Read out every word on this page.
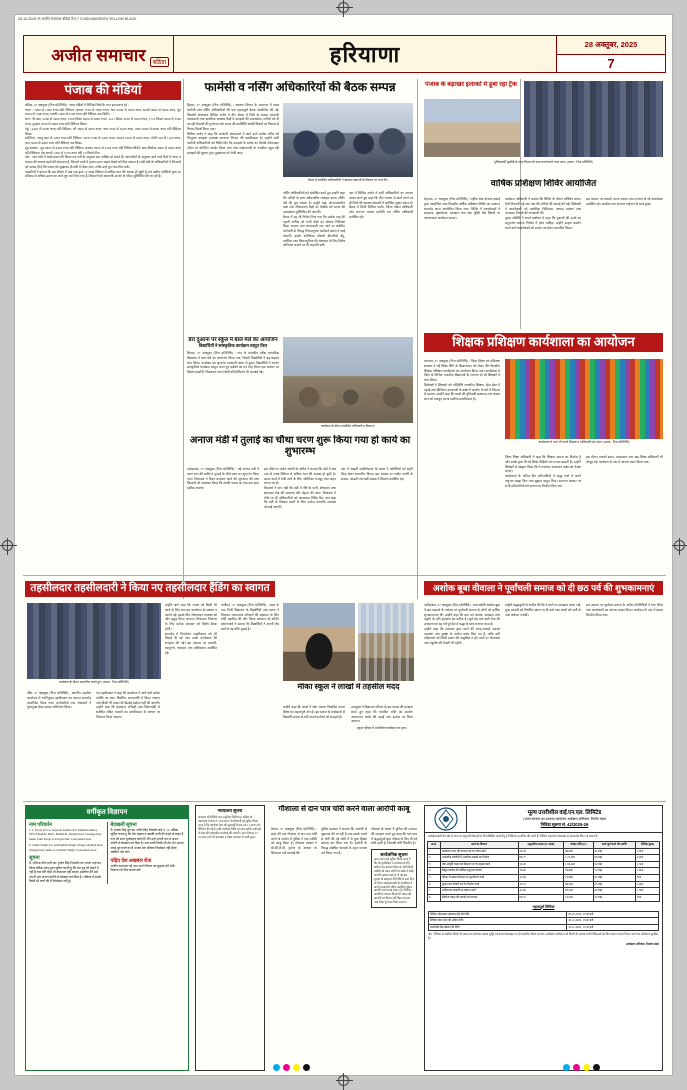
28-10-2025 ॐ अजीत समाचार बठिंडा पेज 7 CYAN MAGENTA YELLOW BLACK
अजीत समाचार	बठिंडा	हरियाणा	28 अक्तूबर, 2025
7
पंजाब की मंडियां
बठिंडा, 27 अक्तूबर (निज प्रतिनिधि) : आज मंडियों में विभिन्न जिंसों के भाव इस प्रकार रहे :
नरमा : 7000 से 7400 रुपए प्रति क्विंटल, कपास 7100 से 7600 रुपए, ग्वार 4500 से 5000 रुपए, सरसों 5800 से 6300 रुपए, मूंग 6500 से 7200 रुपए, मक्की 1900 से 2100 रुपए प्रति क्विंटल तक बिकी।
धान : पी.आर. 2200 से 2400 रुपए, 1509 किस्म 2600 से 2900 रुपए, 1121 किस्म 3100 से 3500 रुपए, 1718 किस्म 3000 से 3300 रुपए, मुच्छल 2500 से 2800 रुपए प्रति क्विंटल बिका।
गेहूं : 2425 से 2600 रुपए प्रति क्विंटल, जौ 1800 से 2000 रुपए, चना 5500 से 6100 रुपए, मसर 6200 से 6800 रुपए प्रति क्विंटल बिका।
सब्जियां : आलू 800 से 1200 रुपए प्रति क्विंटल, प्याज 1500 से 2200 रुपए, टमाटर 1000 से 1800 रुपए, गोभी 700 से 1100 रुपए, मटर 3000 से 4000 रुपए प्रति क्विंटल तक बिका।
गुड़-शक्कर : गुड़ 3800 से 4200 रुपए प्रति क्विंटल, शक्कर 3900 से 4100 रुपए प्रति क्विंटल बिकी। खल-बिनौला 2600 से 2900 रुपए प्रति क्विंटल। तेल सरसों 1450 से 1550 रुपए प्रति 15 किलो टीन।
नोट : भाव मंडी में आई फसल की किस्म एवं नमी के अनुसार कम अधिक हो सकते हैं। व्यापारियों के अनुसार आने वाले दिनों में नरमा व कपास की आवक बढ़ने की संभावना है, जिससे भावों में हल्का उतार-चढ़ाव देखने को मिल सकता है। मंडी बोर्ड के अधिकारियों ने किसानों को सलाह दी है कि फसल को सुखाकर ही मंडी में लेकर आएं, ताकि उन्हें पूरा भाव मिल सके।
आढ़तियों ने बताया कि इस सीजन में अब तक कुल 12 लाख क्विंटल से अधिक धान की आवक हो चुकी है तथा खरीद एजेंसियों द्वारा 95 प्रतिशत से अधिक उठान का कार्य पूरा कर लिया गया है। किसानों को अदायगी 48 घंटे के भीतर सुनिश्चित की जा रही है।
फार्मेसी व नर्सिंग अधिकारियों की बैठक सम्पन्न
बैठक में उपस्थित अधिकारियों ने स्वास्थ्य सेवाओं के विस्तार पर चर्चा की।
हिसार, 27 अक्तूबर (निज प्रतिनिधि) : स्वास्थ्य विभाग के सभागार में आज फार्मेसी तथा नर्सिंग अधिकारियों की एक महत्वपूर्ण बैठक आयोजित की गई, जिसकी अध्यक्षता सिविल सर्जन ने की। बैठक में जिले के समस्त सरकारी अस्पतालों तथा प्राथमिक स्वास्थ्य केंद्रों में दवाइयों की उपलब्धता, मरीजों को दी जा रही सेवाओं की गुणवत्ता तथा स्टाफ की उपस्थिति संबंधी विषयों पर विस्तार से विचार-विमर्श किया गया।
सिविल सर्जन ने कहा कि सरकारी अस्पतालों में आने वाले प्रत्येक मरीज को निःशुल्क दवाइयां उपलब्ध करवाना विभाग की प्राथमिकता है। उन्होंने सभी फार्मेसी अधिकारियों को निर्देश दिए कि दवाइयों के स्टॉक का रिकॉर्ड ऑनलाइन पोर्टल पर प्रतिदिन अपडेट किया जाए तथा एक्सपायरी के नजदीक पहुंच रही दवाइयों की सूचना तुरंत मुख्यालय को भेजी जाए।
नर्सिंग अधिकारियों को संबोधित करते हुए उन्होंने कहा कि मरीजों के साथ संवेदनशील व्यवहार करना नर्सिंग पेशे की मूल भावना है। प्रसूति वार्ड, आपातकालीन कक्ष तथा टीकाकरण केंद्रों पर चौबीस घंटे स्टाफ की उपलब्धता सुनिश्चित की जाएगी।
बैठक में यह भी निर्णय लिया गया कि प्रत्येक माह की पहली तारीख को सभी केंद्रों का औचक निरीक्षण किया जाएगा तथा लापरवाही पाए जाने पर संबंधित कर्मचारी के विरुद्ध नियमानुसार कार्रवाई अमल में लाई जाएगी। इसके अतिरिक्त मौसमी बीमारियों डेंगू, मलेरिया तथा चिकनगुनिया की रोकथाम के लिए विशेष अभियान चलाने पर भी सहमति बनी।
अंत में सिविल सर्जन ने सभी अधिकारियों का आभार व्यक्त करते हुए कहा कि टीम भावना से कार्य करने पर ही जिले की स्वास्थ्य सेवाओं में अपेक्षित सुधार संभव है। बैठक में डिप्टी सिविल सर्जन, जिला नोडल अधिकारी तथा लगभग पचास फार्मेसी एवं नर्सिंग अधिकारी उपस्थित रहे।
पंजाब के बड़ाखर इलाकों में डूबा रहा ट्रैक
पुलिसकर्मी मुस्तैदी से जांच विभाग के साथ कार्य करते नजर आए। (छाया : निज प्रतिनिधि)
वार्षिक प्रशिक्षण शिविर आयोजित
रोहतक, 27 अक्तूबर (निज प्रतिनिधि) : राष्ट्रीय सेवा योजना इकाई द्वारा आयोजित सात दिवसीय वार्षिक प्रशिक्षण शिविर का समापन समारोह आज आयोजित किया गया। शिविर में स्वयंसेवकों ने स्वच्छता, वृक्षारोपण, रक्तदान तथा नशा मुक्ति जैसे विषयों पर जागरूकता कार्यक्रम चलाए।
कार्यक्रम अधिकारी ने बताया कि शिविर के दौरान प्रतिदिन प्रभात फेरी निकाली गई तथा गांव की गलियों की सफाई की गई। विशेषज्ञों ने स्वयंसेवकों को प्राथमिक चिकित्सा, आपदा प्रबंधन तथा यातायात नियमों की जानकारी दी।
मुख्य अतिथि ने अपने संबोधन में कहा कि युवाओं की ऊर्जा का सदुपयोग समाज निर्माण में होना चाहिए। उन्होंने उत्कृष्ट प्रदर्शन करने वाले स्वयंसेवकों को प्रमाण पत्र देकर सम्मानित किया।
इस अवसर पर प्राचार्य, स्टाफ सदस्य तथा लगभग दो सौ स्वयंसेवक उपस्थित रहे। कार्यक्रम का समापन राष्ट्रगान के साथ हुआ।
डेरा दुआना पर स्कूल में बाल मेले का आयोजन
विद्यार्थियों ने सांस्कृतिक कार्यक्रम प्रस्तुत किए
सिरसा, 27 अक्तूबर (निज प्रतिनिधि) : गांव के राजकीय वरिष्ठ माध्यमिक विद्यालय में बाल मेले का आयोजन किया गया, जिसमें विद्यार्थियों ने बढ़-चढ़कर भाग लिया। कार्यक्रम का शुभारंभ सरस्वती वंदना से हुआ। विद्यार्थियों ने रंगारंग सांस्कृतिक कार्यक्रम प्रस्तुत करते हुए दर्शकों का मन मोह लिया। इस अवसर पर विज्ञान प्रदर्शनी, चित्रकला तथा रंगोली प्रतियोगिताएं भी करवाई गईं।
कार्यक्रम के दौरान उपस्थित अधिकारी व किसान।
अनाज मंडी में तुलाई का चौथा चरण शुरू किया गया हो कार्य का शुभारम्भ
फतेहाबाद, 27 अक्तूबर (निज प्रतिनिधि) : नई अनाज मंडी में आज धान की खरीद व तुलाई के चौथे चरण का शुभारंभ किया गया। विधायक ने रिबन काटकर कार्य की शुरुआत की तथा किसानों को आश्वस्त किया कि उनकी फसल का एक-एक दाना खरीदा जाएगा।
इस मौके पर मार्केट कमेटी के सचिव ने बताया कि मंडी में अब तक दो लाख क्विंटल से अधिक धान की आवक हो चुकी है। उठान कार्य में तेजी लाने के लिए अतिरिक्त मजदूर तथा वाहन लगाए गए हैं।
किसानों ने मांग रखी कि मंडी में पीने के पानी, शौचालय तथा छायादार शेड की व्यवस्था और बेहतर की जाए। विधायक ने मौके पर ही अधिकारियों को आवश्यक निर्देश दिए तथा कहा कि मंडी के विकास कार्यों के लिए पर्याप्त धनराशि उपलब्ध करवाई जाएगी।
अंत में आढ़ती एसोसिएशन के प्रधान ने अतिथियों को स्मृति चिन्ह देकर सम्मानित किया। इस अवसर पर मार्केट कमेटी के सदस्य, आढ़ती तथा बड़ी संख्या में किसान उपस्थित रहे।
शिक्षक प्रशिक्षण कार्यशाला का आयोजन
कार्यशाला में भाग लेने वाले शिक्षक व अधिकारी एक साथ। (छाया : निज प्रतिनिधि)
करनाल, 27 अक्तूबर (निज प्रतिनिधि) : जिला शिक्षा एवं प्रशिक्षण संस्थान में नई शिक्षा नीति के क्रियान्वयन को लेकर तीन दिवसीय शिक्षक प्रशिक्षण कार्यशाला का आयोजन किया गया। कार्यशाला में जिले के विभिन्न राजकीय विद्यालयों के लगभग दो सौ शिक्षकों ने भाग लिया।
विशेषज्ञों ने शिक्षकों को गतिविधि आधारित शिक्षण, खेल-खेल में पढ़ाई तथा डिजिटल उपकरणों के कक्षा में उपयोग के बारे में विस्तार से बताया। उन्होंने कहा कि बच्चों की बुनियादी साक्षरता तथा संख्या ज्ञान को मजबूत करना सर्वोच्च प्राथमिकता है।
जिला शिक्षा अधिकारी ने कहा कि शिक्षक समाज का निर्माता है और उसके द्वारा दी गई शिक्षा पीढ़ियों तक प्रभाव डालती है। उन्होंने शिक्षकों से आह्वान किया कि वे नवाचार अपनाकर कक्षा को रोचक बनाएं।
कार्यशाला के अंतिम दिन प्रतिभागियों ने समूह चर्चा में अपने अनुभव साझा किए तथा सुझाव प्रस्तुत किए। समापन अवसर पर सभी प्रतिभागियों को प्रमाण पत्र वितरित किए गए।
इस दौरान प्राचार्य डायट, व्याख्याता तथा खंड शिक्षा अधिकारी भी मौजूद रहे। कार्यक्रम के अंत में आभार प्रकट किया गया।
तहसीलदार तहसीलदारी ने किया नए तहसीलदार हैंडिंग का स्वागत
कार्यक्रम के दौरान सम्मानित करते हुए। (छाया : निज प्रतिनिधि)
जींद, 27 अक्तूबर (निज प्रतिनिधि) : स्थानीय तहसील कार्यालय में नवनियुक्त तहसीलदार का स्वागत समारोह आयोजित किया गया। कर्मचारियों तथा नंबरदारों ने पुष्पगुच्छ देकर उनका अभिनंदन किया।
नए तहसीलदार ने कहा कि कार्यालय में आने वाले प्रत्येक व्यक्ति का काम निर्धारित समयावधि में किया जाएगा तथा किसी भी प्रकार की ढिलाई बर्दाश्त नहीं की जाएगी। उन्होंने कहा कि इंतकाल, रजिस्ट्री तथा निशानदेही से संबंधित लंबित मामलों का प्राथमिकता के आधार पर निपटारा किया जाएगा।
उन्होंने आगे कहा कि जनता को किसी भी कार्य के लिए बार-बार कार्यालय के चक्कर न काटने पड़ें, इसके लिए ऑनलाइन व्यवस्था को और सुदृढ़ किया जाएगा। शिकायत निवारण के लिए प्रत्येक सोमवार को विशेष बैठक होगी।
समारोह में निवर्तमान तहसीलदार को भी विदाई दी गई तथा उनके कार्यकाल की सराहना की गई। इस अवसर पर पटवारी, कानूनगो, नंबरदार तथा अधिवक्ता उपस्थित रहे।
पानीपत, 27 अक्तूबर (निज प्रतिनिधि) : शहर के एक निजी विद्यालय के विद्यार्थियों तथा स्टाफ ने मिलकर जरूरतमंद परिवारों की सहायता के लिए राशि एकत्रित की और जिला प्रशासन को सौंपी। प्रधानाचार्य ने बताया कि विद्यार्थियों ने अपनी जेब खर्च से यह राशि जुटाई है।
मीका स्कूल ने लाखों में तहसील मदद
उन्होंने कहा कि बच्चों में सेवा भावना विकसित करना शिक्षा का महत्वपूर्ण अंग है। इस प्रकार के कार्यक्रमों से विद्यार्थी समाज के प्रति अपने कर्तव्यों को समझते हैं।
उपायुक्त ने विद्यालय परिवार के इस प्रयास की सराहना करते हुए कहा कि एकत्रित राशि का उपयोग जरूरतमंद बच्चों की पढ़ाई तथा इलाज पर किया जाएगा।
स्कूल परिसर में आयोजित कार्यक्रम का दृश्य।
अशोक बूबा वीवाला ने पूर्वांचली समाज को दी छठ पर्व की शुभकामनाएं
फरीदाबाद, 27 अक्तूबर (निज प्रतिनिधि) : समाजसेवी अशोक बूबा ने छठ महापर्व के अवसर पर पूर्वांचली समाज के लोगों को हार्दिक शुभकामनाएं दीं। उन्होंने कहा कि छठ पर्व आस्था, स्वच्छता तथा प्रकृति के प्रति कृतज्ञता का प्रतीक है। सूर्य देव तथा छठी मैया की उपासना का यह पर्व पूरे देश में श्रद्धा के साथ मनाया जाता है।
उन्होंने कहा कि प्रशासन द्वारा घाटों की साफ-सफाई, प्रकाश व्यवस्था तथा सुरक्षा के पर्याप्त प्रबंध किए गए हैं, ताकि व्रती महिलाओं को किसी प्रकार की असुविधा न हो। घाटों पर गोताखोर तथा एंबुलेंस की तैनाती भी रहेगी।
उन्होंने श्रद्धालुओं से अपील की कि वे घाटों पर स्वच्छता बनाए रखें, पूजा सामग्री को निर्धारित स्थान पर ही डालें तथा बच्चों को पानी के पास अकेला न छोड़ें।
इस अवसर पर पूर्वांचल समाज के अनेक प्रतिनिधियों ने भाग लिया तथा आयोजकों का आभार व्यक्त किया। कार्यक्रम के अंत में प्रसाद वितरित किया गया।
वर्गीकृत विज्ञापन
नाम परिवर्तन
1. I, Pooja W/o Lovepreet Kumar R/o Mukh Kamboj, VPO Ghudda, Distt. Bathinda, Punjab have Changed my name from Pooja to Poojawanti. Concerned note.
2. Jatina Singh S/o Gurbakhsh Singh village Ghudda have changed my name to Jatinder Singh. Concerned note.
सूचना
मैं, राजिन्द्र कौर पत्नी स्व. गुरदेव सिंह निवासी गांव भगता भाई का, जिला बठिंडा एतद् द्वारा सूचित करती हूं कि मेरा पुत्र मेरे कहने में नहीं है तथा मेरी कोई भी देखभाल नहीं करता। इसलिए मैंने उसे अपनी चल-अचल संपत्ति से बेदखल कर दिया है। भविष्य में उसके किसी भी कार्य की मैं जिम्मेदार नहीं हूं।
बेदखली सूचना
मैं, हरबंस सिंह पुत्र स्व. जगीर सिंह निवासी वार्ड नं. 12, बठिंडा सूचित करता हूं कि मेरा लड़का व उसकी पत्नी मेरे कहने से बाहर हैं तथा मेरे साथ दुर्व्यवहार करते हैं। मैंने उन्हें अपनी चल व अचल संपत्ति से बेदखल कर दिया है। अब उनके किसी भी लेन-देन अथवा अच्छे-बुरे कार्य का मैं अथवा मेरा परिवार जिम्मेदार नहीं होगा। संबंधित नोट करें।
पढ़िए देश अखबार रोज
अजीत समाचार पढ़ें तथा अपने विचार एवं सुझाव हमें भेजें। विज्ञापन के लिए संपर्क करें।
न्यायालय सूचना
अदालत श्री सिविल जज (जूनियर डिवीजन), बठिंडा के न्यायालय में केस नं. 745/2025 में प्रतिवादी को सूचित किया जाता है कि उपरोक्त केस की सुनवाई दिनांक 20-11-2025 को निश्चित की गई है। यदि उपरोक्त तिथि पर आप हाजिर नहीं होते तो केस की एकपक्षीय कार्रवाई की जाएगी। आज दिनांक 27-10-2025 को मेरे हस्ताक्षर व मोहर अदालत से जारी हुआ।
गौशाला से दान पात्र चोरी करने वाला आरोपी काबू
कैथल, 27 अक्तूबर (निज प्रतिनिधि) : शहर की एक गौशाला से दान पात्र चोरी करने के आरोप में पुलिस ने एक व्यक्ति को काबू किया है। गौशाला प्रबंधन ने सी.सी.टी.वी. फुटेज के आधार पर शिकायत दर्ज करवाई थी।
पुलिस प्रवक्ता ने बताया कि आरोपी से पूछताछ की जा रही है तथा उसके कब्जे से चोरी की गई राशि में से कुछ हिस्सा बरामद कर लिया गया है। आरोपी के विरुद्ध संबंधित धाराओं के तहत मामला दर्ज किया गया है।
गौशाला के प्रधान ने पुलिस की तत्परता की सराहना करते हुए कहा कि दान पात्र में श्रद्धालुओं द्वारा गौसेवा के लिए दी गई राशि रहती है, जिसकी चोरी निंदनीय है।
सार्वजनिक सूचना
आम जनता को सूचित किया जाता है कि मेरे मुवक्किल ने उपरोक्त संपत्ति खरीदने का इकरार किया है। यदि किसी व्यक्ति को उक्त संपत्ति के संबंध में कोई आपत्ति अथवा दावा है तो वह इस सूचना के प्रकाशन की तिथि से सात दिन के भीतर अधोहस्ताक्षरी के कार्यालय में अपने दस्तावेजों सहित उपस्थित होकर आपत्ति दर्ज करवा सकता है। निश्चित अवधि के पश्चात किसी भी प्रकार की आपत्ति पर विचार नहीं किया जाएगा तथा सौदा पूर्ण कर दिया जाएगा।
मूल्य उत्तरीशील वाई.एन.एल. लिमिटेड
(भारत सरकार का उपक्रम) कार्यालय अधीक्षण अभियंता, निर्माण मंडल
निविदा सूचना सं. 42/2025-26
अधोहस्ताक्षरी की ओर से पात्र एवं अनुभवी ठेकेदारों से निम्नलिखित कार्यों हेतु ई-निविदाएं आमंत्रित की जाती हैं। निविदा दस्तावेज वेबसाइट से डाउनलोड किए जा सकते हैं।
क्र.सं.	कार्य का विवरण	अनुमानित लागत (रु. लाख)	धरोहर राशि (रु.)	कार्य पूर्ण करने की अवधि	निविदा शुल्क
1	कार्यालय भवन की मरम्मत एवं रंग-रोगन कार्य	24.50	49,000	03 माह	1,000
2	आवासीय कॉलोनी में आंतरिक सड़कों का निर्माण	86.75	1,73,500	06 माह	2,000
3	जल आपूर्ति लाइन का विस्तार एवं पंप हाउस कार्य	52.20	1,04,400	04 माह	1,500
4	विद्युत उपकेंद्र की वार्षिक अनुरक्षण सेवाएं	18.40	36,800	12 माह	1,000
5	परिसर में उद्यान विकास एवं वृक्षारोपण कार्य	12.90	25,800	02 माह	500
6	सुरक्षा चार दीवारी एवं गेट निर्माण कार्य	33.10	66,200	05 माह	1,000
7	अग्निशमन प्रणाली का उन्नयन कार्य	41.60	83,200	04 माह	1,500
8	सीवरेज लाइन की सफाई एवं मरम्मत	09.75	19,500	02 माह	500
महत्वपूर्ण तिथियां
निविदा ऑनलाइन उपलब्ध होने की तिथि	29-10-2025, 11:00 बजे
निविदा जमा करने की अंतिम तिथि	18-11-2025, 15:00 बजे
तकनीकी बिड खोलने की तिथि	19-11-2025, 11:30 बजे
नोट : निविदा से संबंधित किसी भी प्रकार का संशोधन अथवा शुद्धि पत्र केवल वेबसाइट पर ही प्रकाशित किया जाएगा। अधीक्षण अभियंता को किसी भी अथवा सभी निविदाओं को बिना कारण बताए निरस्त करने का अधिकार सुरक्षित है।
अधीक्षण अभियंता, निर्माण मंडल
